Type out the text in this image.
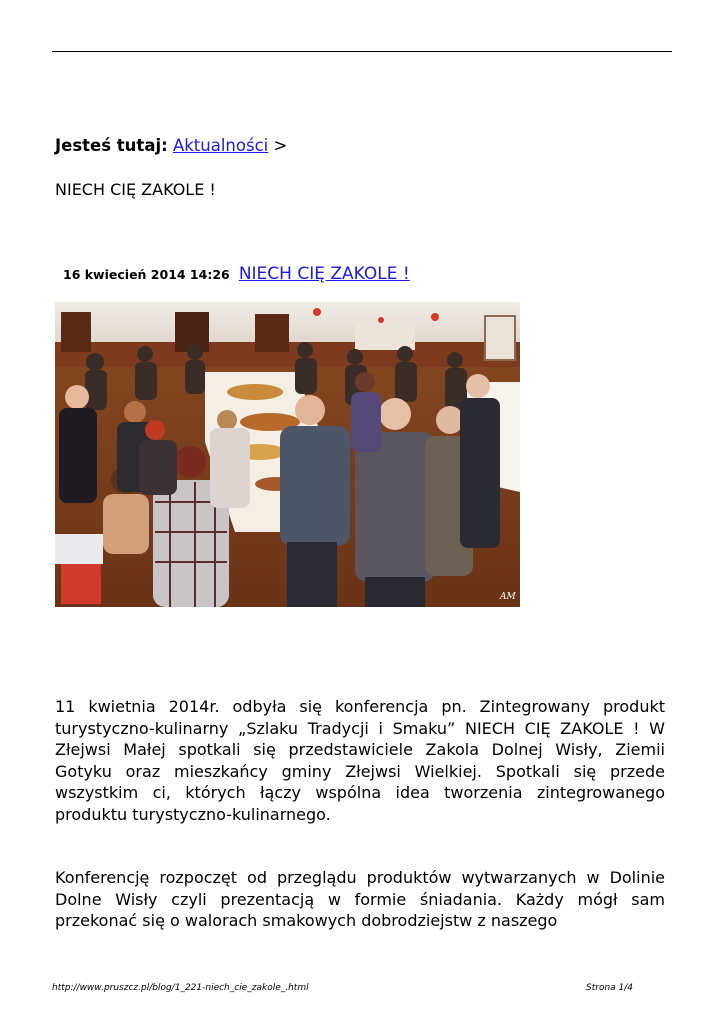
Jesteś tutaj: Aktualności >
NIECH CIĘ ZAKOLE !
16 kwiecień 2014 14:26 NIECH CIĘ ZAKOLE !
AM

11 kwietnia 2014r. odbyła się konferencja pn. Zintegrowany produkt turystyczno-kulinarny „Szlaku Tradycji i Smaku” NIECH CIĘ ZAKOLE ! W Złejwsi Małej spotkali się przedstawiciele Zakola Dolnej Wisły, Ziemii Gotyku oraz mieszkańcy gminy Złejwsi Wielkiej. Spotkali się przede wszystkim ci, których łączy wspólna idea tworzenia zintegrowanego produktu turystyczno-kulinarnego.

Konferencję rozpoczęt od przeglądu produktów wytwarzanych w Dolinie Dolne Wisły czyli prezentacją w formie śniadania. Każdy mógł sam przekonać się o walorach smakowych dobrodziejstw z naszego

http://www.pruszcz.pl/blog/1_221-niech_cie_zakole_.html	Strona 1/4
